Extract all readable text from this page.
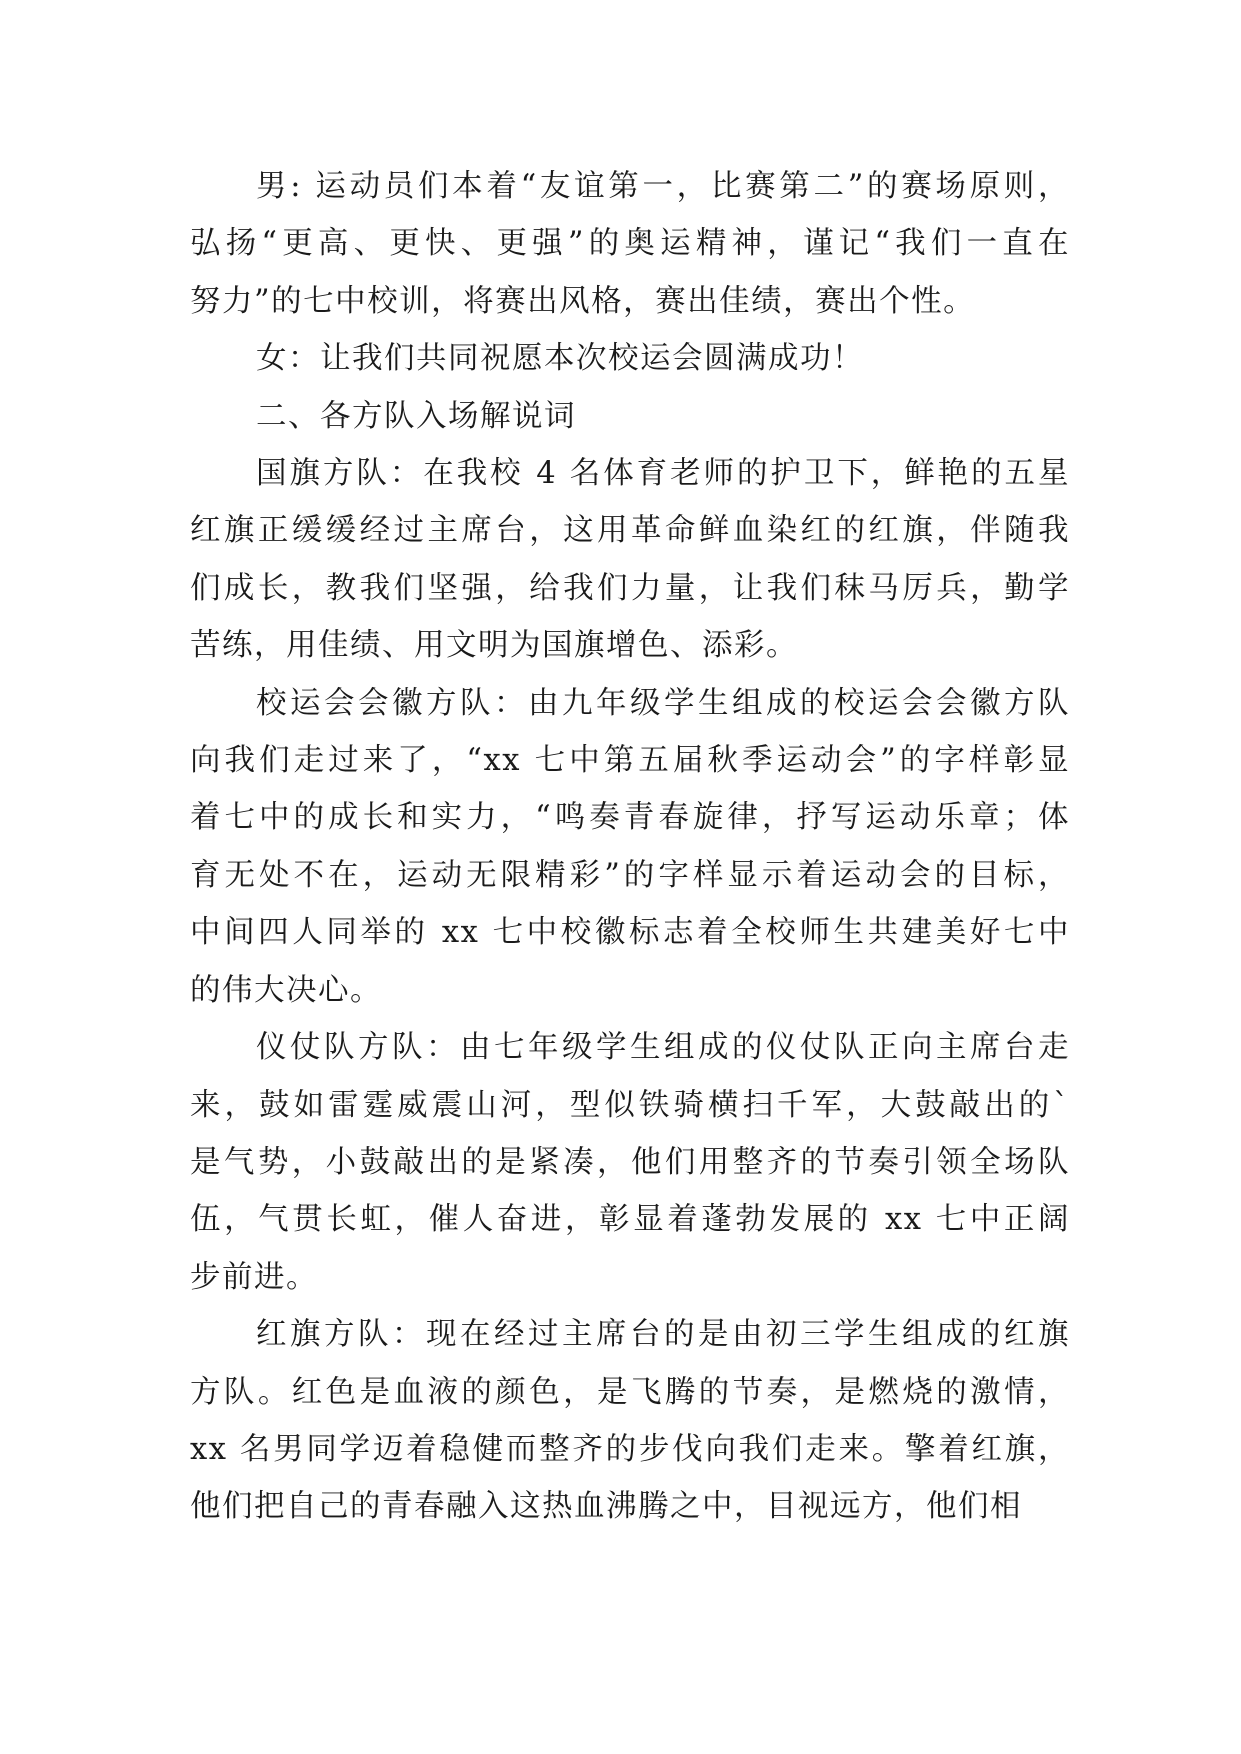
男: 运动员们本着“友谊第一，比赛第二”的赛场原则，
弘扬“更高、更快、更强”的奥运精神，谨记“我们一直在
努力”的七中校训，将赛出风格，赛出佳绩，赛出个性。
女：让我们共同祝愿本次校运会圆满成功！
二、各方队入场解说词
国旗方队：在我校 4 名体育老师的护卫下，鲜艳的五星
红旗正缓缓经过主席台，这用革命鲜血染红的红旗，伴随我
们成长，教我们坚强，给我们力量，让我们秣马厉兵，勤学
苦练，用佳绩、用文明为国旗增色、添彩。
校运会会徽方队：由九年级学生组成的校运会会徽方队
向我们走过来了，“xx 七中第五届秋季运动会”的字样彰显
着七中的成长和实力，“鸣奏青春旋律，抒写运动乐章；体
育无处不在，运动无限精彩”的字样显示着运动会的目标，
中间四人同举的 xx 七中校徽标志着全校师生共建美好七中
的伟大决心。
仪仗队方队：由七年级学生组成的仪仗队正向主席台走
来，鼓如雷霆威震山河，型似铁骑横扫千军，大鼓敲出的`
是气势，小鼓敲出的是紧凑，他们用整齐的节奏引领全场队
伍，气贯长虹，催人奋进，彰显着蓬勃发展的 xx 七中正阔
步前进。
红旗方队：现在经过主席台的是由初三学生组成的红旗
方队。红色是血液的颜色，是飞腾的节奏，是燃烧的激情，
xx 名男同学迈着稳健而整齐的步伐向我们走来。擎着红旗，
他们把自己的青春融入这热血沸腾之中，目视远方，他们相
